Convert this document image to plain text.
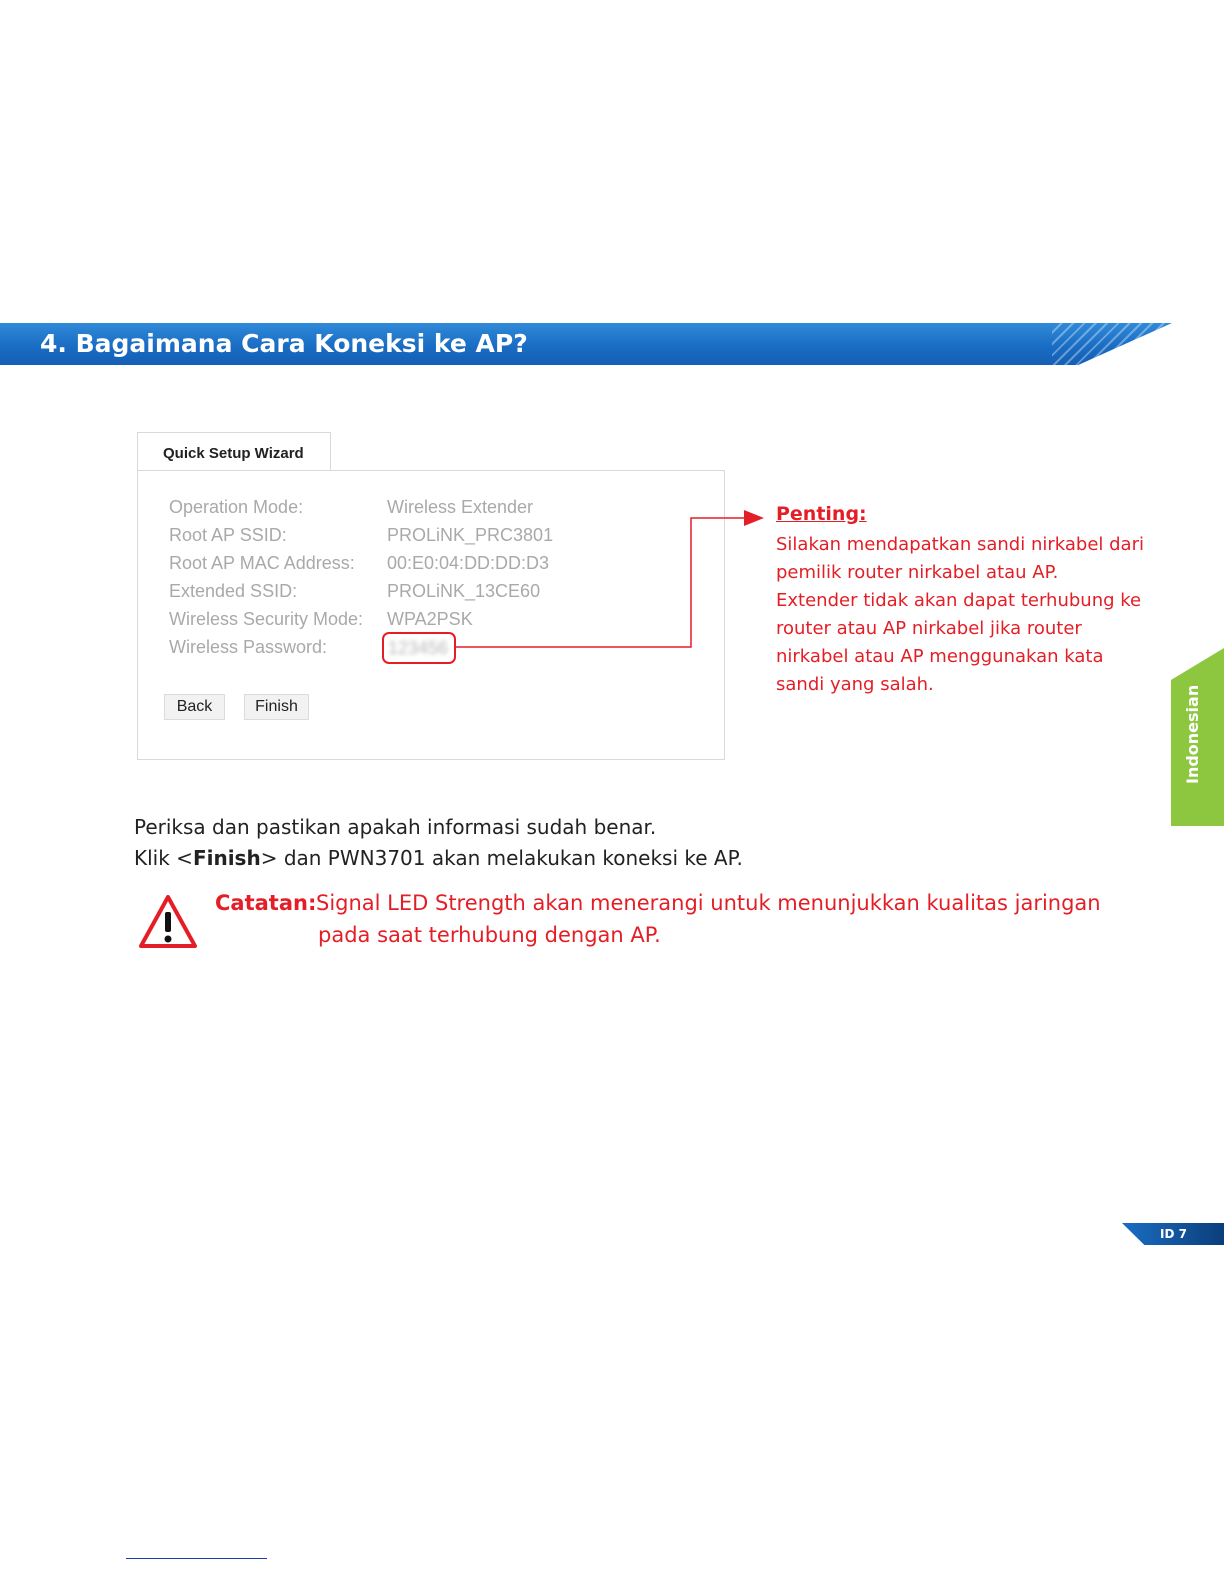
4. Bagaimana Cara Koneksi ke AP?
Quick Setup Wizard
Operation Mode:	Wireless Extender
Root AP SSID:	PROLiNK_PRC3801
Root AP MAC Address: 00:E0:04:DD:DD:D3
Extended SSID:	PROLiNK_13CE60
Wireless Security Mode: WPA2PSK
Wireless Password:	123456
Back	Finish
Penting:
Silakan mendapatkan sandi nirkabel dari
pemilik router nirkabel atau AP.
Extender tidak akan dapat terhubung ke
router atau AP nirkabel jika router
nirkabel atau AP menggunakan kata
sandi yang salah.
Indonesian
Periksa dan pastikan apakah informasi sudah benar.
Klik <Finish> dan PWN3701 akan melakukan koneksi ke AP.
Catatan: Signal LED Strength akan menerangi untuk menunjukkan kualitas jaringan
pada saat terhubung dengan AP.
ID 7
